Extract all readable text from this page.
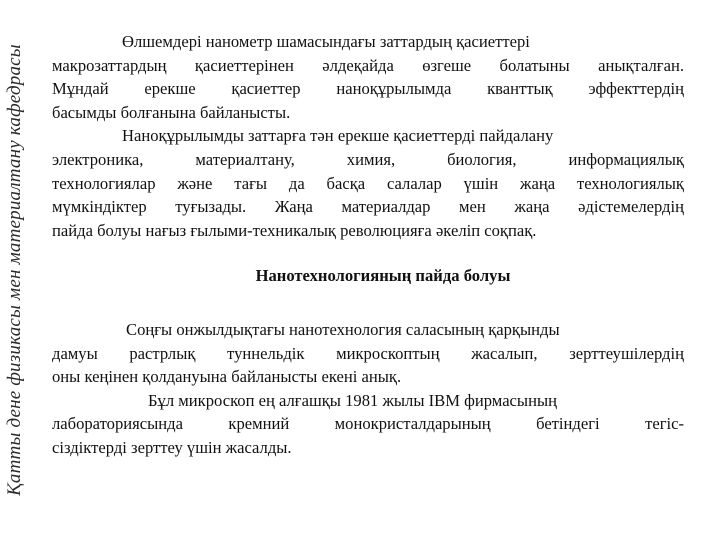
Қатты дене физикасы мен материалтану кафедрасы
Өлшемдері нанометр шамасындағы заттардың қасиеттері
макрозаттардың қасиеттерінен әлдеқайда өзгеше болатыны анықталған.
Мұндай ерекше қасиеттер наноқұрылымда кванттық эффекттердің
басымды болғанына байланысты.
Наноқұрылымды заттарға тән ерекше қасиеттерді пайдалану
электроника, материалтану, химия, биология, информациялық
технологиялар және тағы да басқа салалар үшін жаңа технологиялық
мүмкіндіктер туғызады. Жаңа материалдар мен жаңа әдістемелердің
пайда болуы нағыз ғылыми-техникалық революцияға әкеліп соқпақ.

Нанотехнологияның пайда болуы

Соңғы онжылдықтағы нанотехнология саласының қарқынды
дамуы растрлық туннельдік микроскоптың жасалып, зерттеушілердің
оны кеңінен қолдануына байланысты екені анық.
Бұл микроскоп ең алғашқы 1981 жылы IBM фирмасының
лабораториясында кремний монокристалдарының бетіндегі тегіс-
сіздіктерді зерттеу үшін жасалды.
